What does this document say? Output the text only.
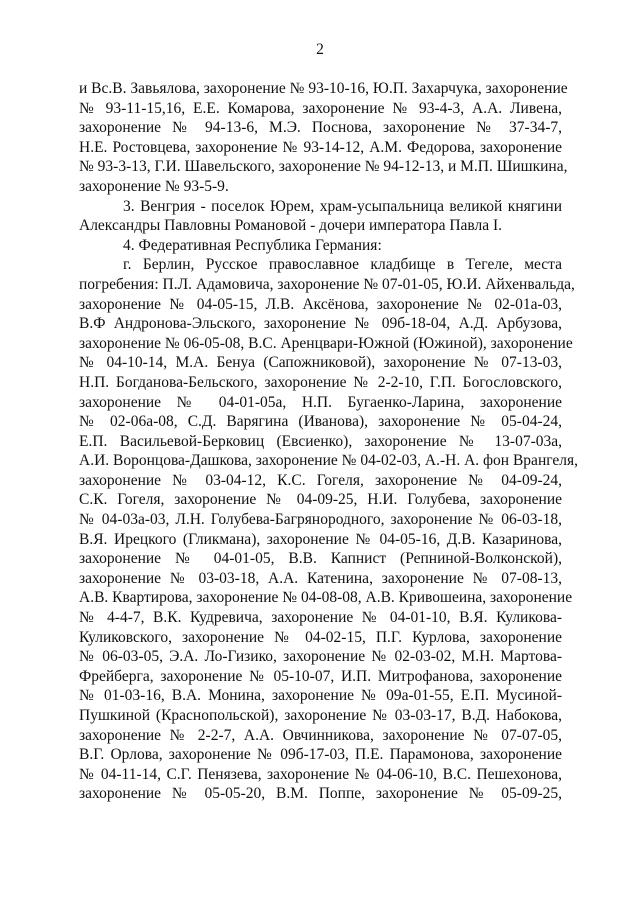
2
и Вс.В. Завьялова, захоронение № 93-10-16, Ю.П. Захарчука, захоронение
№ 93-11-15,16, Е.Е. Комарова, захоронение № 93-4-3, А.А. Ливена,
захоронение № 94-13-6, М.Э. Поснова, захоронение № 37-34-7,
Н.Е. Ростовцева, захоронение № 93-14-12, А.М. Федорова, захоронение
№ 93-3-13, Г.И. Шавельского, захоронение № 94-12-13, и М.П. Шишкина,
захоронение № 93-5-9.
3. Венгрия - поселок Юрем, храм-усыпальница великой княгини
Александры Павловны Романовой - дочери императора Павла I.
4. Федеративная Республика Германия:
г. Берлин, Русское православное кладбище в Тегеле, места
погребения: П.Л. Адамовича, захоронение № 07-01-05, Ю.И. Айхенвальда,
захоронение № 04-05-15, Л.В. Аксёнова, захоронение № 02-01а-03,
В.Ф Андронова-Эльского, захоронение № 09б-18-04, А.Д. Арбузова,
захоронение № 06-05-08, В.С. Аренцвари-Южной (Южиной), захоронение
№ 04-10-14, М.А. Бенуа (Сапожниковой), захоронение № 07-13-03,
Н.П. Богданова-Бельского, захоронение № 2-2-10, Г.П. Богословского,
захоронение № 04-01-05а, Н.П. Бугаенко-Ларина, захоронение
№ 02-06а-08, С.Д. Варягина (Ивановa), захоронение № 05-04-24,
Е.П. Васильевой-Берковиц (Евсиенко), захоронение № 13-07-03а,
А.И. Воронцова-Дашкова, захоронение № 04-02-03, А.-Н. А. фон Врангеля,
захоронение № 03-04-12, К.С. Гогеля, захоронение № 04-09-24,
С.К. Гогеля, захоронение № 04-09-25, Н.И. Голубева, захоронение
№ 04-03а-03, Л.Н. Голубева-Багрянородного, захоронение № 06-03-18,
В.Я. Ирецкого (Гликмана), захоронение № 04-05-16, Д.В. Казаринова,
захоронение № 04-01-05, В.В. Капнист (Репниной-Волконской),
захоронение № 03-03-18, А.А. Катенина, захоронение № 07-08-13,
А.В. Квартирова, захоронение № 04-08-08, А.В. Кривошеина, захоронение
№ 4-4-7, В.К. Кудревича, захоронение № 04-01-10, В.Я. Куликова-
Куликовского, захоронение № 04-02-15, П.Г. Курлова, захоронение
№ 06-03-05, Э.А. Ло-Гизико, захоронение № 02-03-02, М.Н. Мартова-
Фрейберга, захоронение № 05-10-07, И.П. Митрофанова, захоронение
№ 01-03-16, В.А. Монина, захоронение № 09а-01-55, Е.П. Мусиной-
Пушкиной (Краснопольской), захоронение № 03-03-17, В.Д. Набокова,
захоронение № 2-2-7, А.А. Овчинникова, захоронение № 07-07-05,
В.Г. Орлова, захоронение № 09б-17-03, П.Е. Парамонова, захоронение
№ 04-11-14, С.Г. Пенязева, захоронение № 04-06-10, В.С. Пешехонова,
захоронение № 05-05-20, В.М. Поппе, захоронение № 05-09-25,
